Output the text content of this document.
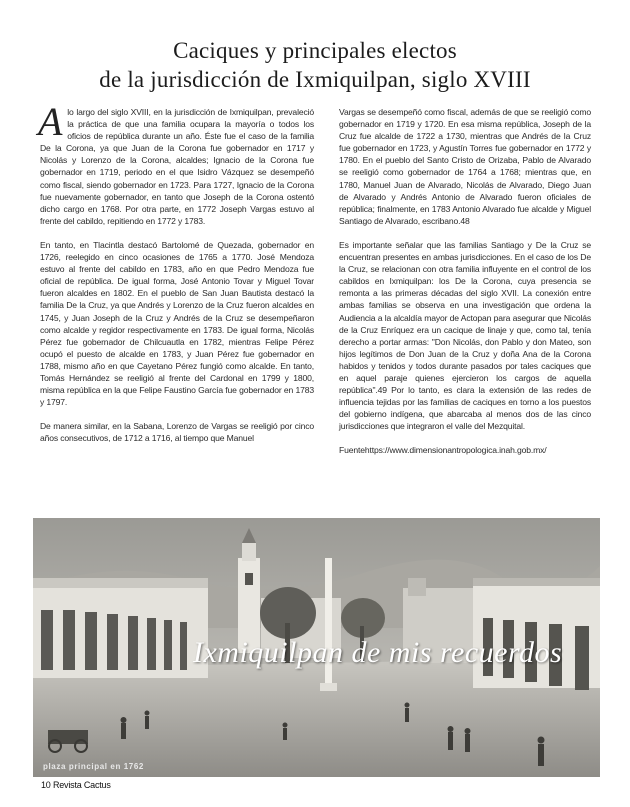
Caciques y principales electos
de la jurisdicción de Ixmiquilpan, siglo XVIII

Alo largo del siglo XVIII, en la jurisdicción de Ixmiquilpan, prevaleció la práctica de que una familia ocupara la mayoría o todos los oficios de república durante un año. Éste fue el caso de la familia De la Corona, ya que Juan de la Corona fue gobernador en 1717 y Nicolás y Lorenzo de la Corona, alcaldes; Ignacio de la Corona fue gobernador en 1719, periodo en el que Isidro Vázquez se desempeñó como fiscal, siendo gobernador en 1723. Para 1727, Ignacio de la Corona fue nuevamente gobernador, en tanto que Joseph de la Corona ostentó dicho cargo en 1768. Por otra parte, en 1772 Joseph Vargas estuvo al frente del cabildo, repitiendo en 1772 y 1783.

En tanto, en Tlacintla destacó Bartolomé de Quezada, gobernador en 1726, reelegido en cinco ocasiones de 1765 a 1770. José Mendoza estuvo al frente del cabildo en 1783, año en que Pedro Mendoza fue oficial de república. De igual forma, José Antonio Tovar y Miguel Tovar fueron alcaldes en 1802. En el pueblo de San Juan Bautista destacó la familia De la Cruz, ya que Andrés y Lorenzo de la Cruz fueron alcaldes en 1745, y Juan Joseph de la Cruz y Andrés de la Cruz se desempeñaron como alcalde y regidor respectivamente en 1783. De igual forma, Nicolás Pérez fue gobernador de Chilcuautla en 1782, mientras Felipe Pérez ocupó el puesto de alcalde en 1783, y Juan Pérez fue gobernador en 1788, mismo año en que Cayetano Pérez fungió como alcalde. En tanto, Tomás Hernández se reeligió al frente del Cardonal en 1799 y 1800, misma república en la que Felipe Faustino García fue gobernador en 1783 y 1797.

De manera similar, en la Sabana, Lorenzo de Vargas se reeligió por cinco años consecutivos, de 1712 a 1716, al tiempo que Manuel

Vargas se desempeñó como fiscal, además de que se reeligió como gobernador en 1719 y 1720. En esa misma república, Joseph de la Cruz fue alcalde de 1722 a 1730, mientras que Andrés de la Cruz fue gobernador en 1723, y Agustín Torres fue gobernador en 1772 y 1780. En el pueblo del Santo Cristo de Orizaba, Pablo de Alvarado se reeligió como gobernador de 1764 a 1768; mientras que, en 1780, Manuel Juan de Alvarado, Nicolás de Alvarado, Diego Juan de Alvarado y Andrés Antonio de Alvarado fueron oficiales de república; finalmente, en 1783 Antonio Alvarado fue alcalde y Miguel Santiago de Alvarado, escribano.48

Es importante señalar que las familias Santiago y De la Cruz se encuentran presentes en ambas jurisdicciones. En el caso de los De la Cruz, se relacionan con otra familia influyente en el control de los cabildos en Ixmiquilpan: los De la Corona, cuya presencia se remonta a las primeras décadas del siglo XVII. La conexión entre ambas familias se observa en una investigación que ordena la Audiencia a la alcaldía mayor de Actopan para asegurar que Nicolás de la Cruz Enríquez era un cacique de linaje y que, como tal, tenía derecho a portar armas: "Don Nicolás, don Pablo y don Mateo, son hijos legítimos de Don Juan de la Cruz y doña Ana de la Corona habidos y tenidos y todos durante pasados por tales caciques que en aquel paraje quienes ejercieron los cargos de aquella república".49 Por lo tanto, es clara la extensión de las redes de influencia tejidas por las familias de caciques en torno a los puestos del gobierno indígena, que abarcaba al menos dos de las cinco jurisdicciones que integraron el valle del Mezquital.

Fuentehttps://www.dimensionantropologica.inah.gob.mx/

Ixmiquilpan de mis recuerdos
plaza principal en 1762
10 Revista Cactus
